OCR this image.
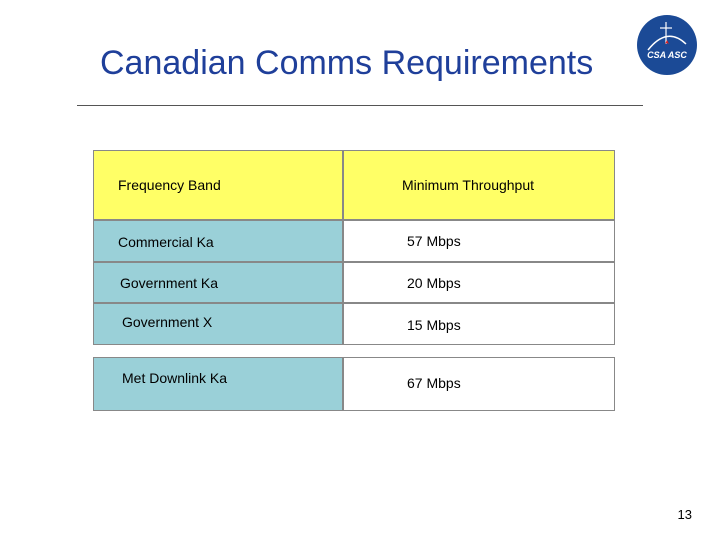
Canadian Comms Requirements	CSA ASC
Frequency Band	Minimum Throughput
Commercial Ka	57 Mbps
Government Ka	20 Mbps
Government X	15 Mbps
Met Downlink Ka	67 Mbps
13
